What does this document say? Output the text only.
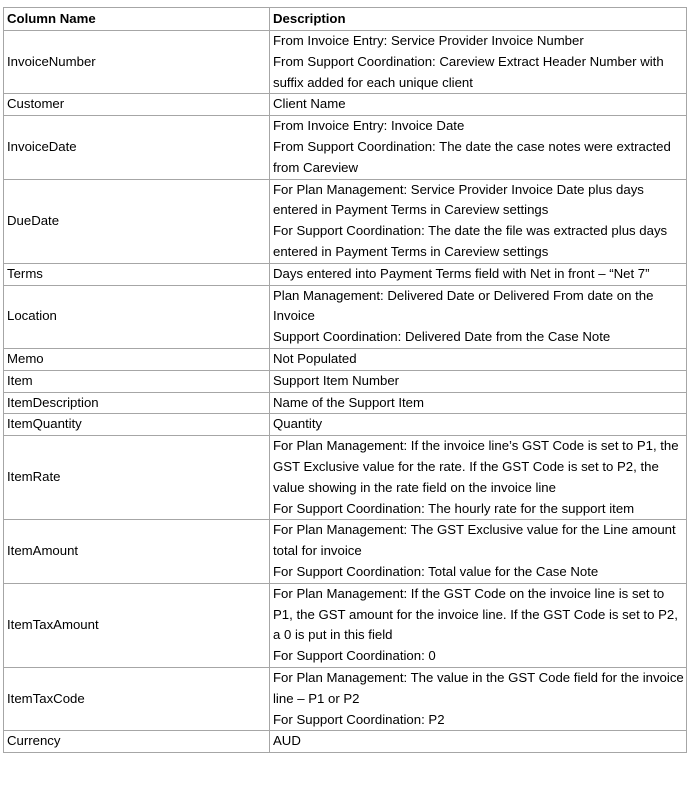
Column Name	Description
InvoiceNumber	From Invoice Entry: Service Provider Invoice Number
From Support Coordination: Careview Extract Header Number with suffix added for each unique client

Customer	Client Name

InvoiceDate	From Invoice Entry: Invoice Date
From Support Coordination: The date the case notes were extracted from Careview

DueDate	For Plan Management: Service Provider Invoice Date plus days entered in Payment Terms in Careview settings
For Support Coordination: The date the file was extracted plus days entered in Payment Terms in Careview settings

Terms	Days entered into Payment Terms field with Net in front – “Net 7”

Location	Plan Management: Delivered Date or Delivered From date on the Invoice
Support Coordination: Delivered Date from the Case Note

Memo	Not Populated

Item	Support Item Number

ItemDescription	Name of the Support Item

ItemQuantity	Quantity

ItemRate	For Plan Management: If the invoice line’s GST Code is set to P1, the GST Exclusive value for the rate. If the GST Code is set to P2, the value showing in the rate field on the invoice line
For Support Coordination: The hourly rate for the support item

ItemAmount	For Plan Management: The GST Exclusive value for the Line amount total for invoice
For Support Coordination: Total value for the Case Note

ItemTaxAmount	For Plan Management: If the GST Code on the invoice line is set to P1, the GST amount for the invoice line. If the GST Code is set to P2, a 0 is put in this field
For Support Coordination: 0

ItemTaxCode	For Plan Management: The value in the GST Code field for the invoice line – P1 or P2
For Support Coordination: P2

Currency	AUD
